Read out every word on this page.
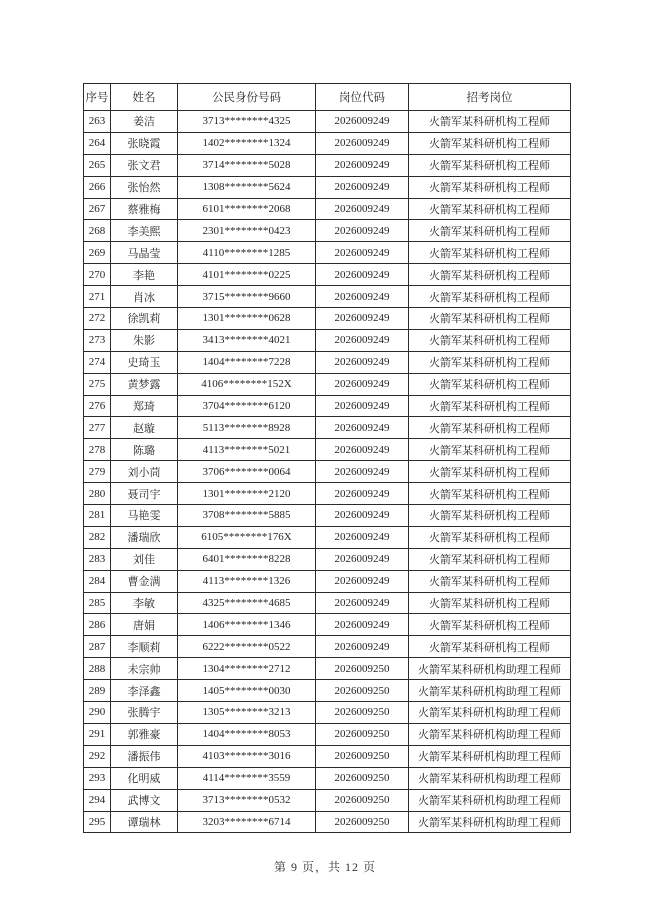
序号	姓名	公民身份号码	岗位代码	招考岗位
263	姜洁	3713********4325	2026009249	火箭军某科研机构工程师
264	张晓霞	1402********1324	2026009249	火箭军某科研机构工程师
265	张文君	3714********5028	2026009249	火箭军某科研机构工程师
266	张怡然	1308********5624	2026009249	火箭军某科研机构工程师
267	蔡雅梅	6101********2068	2026009249	火箭军某科研机构工程师
268	李美熙	2301********0423	2026009249	火箭军某科研机构工程师
269	马晶莹	4110********1285	2026009249	火箭军某科研机构工程师
270	李艳	4101********0225	2026009249	火箭军某科研机构工程师
271	肖冰	3715********9660	2026009249	火箭军某科研机构工程师
272	徐凯莉	1301********0628	2026009249	火箭军某科研机构工程师
273	朱影	3413********4021	2026009249	火箭军某科研机构工程师
274	史琦玉	1404********7228	2026009249	火箭军某科研机构工程师
275	黄梦露	4106********152X	2026009249	火箭军某科研机构工程师
276	郑琦	3704********6120	2026009249	火箭军某科研机构工程师
277	赵璇	5113********8928	2026009249	火箭军某科研机构工程师
278	陈璐	4113********5021	2026009249	火箭军某科研机构工程师
279	刘小茼	3706********0064	2026009249	火箭军某科研机构工程师
280	聂司宇	1301********2120	2026009249	火箭军某科研机构工程师
281	马艳雯	3708********5885	2026009249	火箭军某科研机构工程师
282	潘瑞欣	6105********176X	2026009249	火箭军某科研机构工程师
283	刘佳	6401********8228	2026009249	火箭军某科研机构工程师
284	曹金满	4113********1326	2026009249	火箭军某科研机构工程师
285	李敏	4325********4685	2026009249	火箭军某科研机构工程师
286	唐娟	1406********1346	2026009249	火箭军某科研机构工程师
287	李顺莉	6222********0522	2026009249	火箭军某科研机构工程师
288	未宗帅	1304********2712	2026009250	火箭军某科研机构助理工程师
289	李泽鑫	1405********0030	2026009250	火箭军某科研机构助理工程师
290	张腾宇	1305********3213	2026009250	火箭军某科研机构助理工程师
291	郭雅豪	1404********8053	2026009250	火箭军某科研机构助理工程师
292	潘振伟	4103********3016	2026009250	火箭军某科研机构助理工程师
293	化明威	4114********3559	2026009250	火箭军某科研机构助理工程师
294	武博文	3713********0532	2026009250	火箭军某科研机构助理工程师
295	谭瑞林	3203********6714	2026009250	火箭军某科研机构助理工程师
第 9 页，共 12 页
